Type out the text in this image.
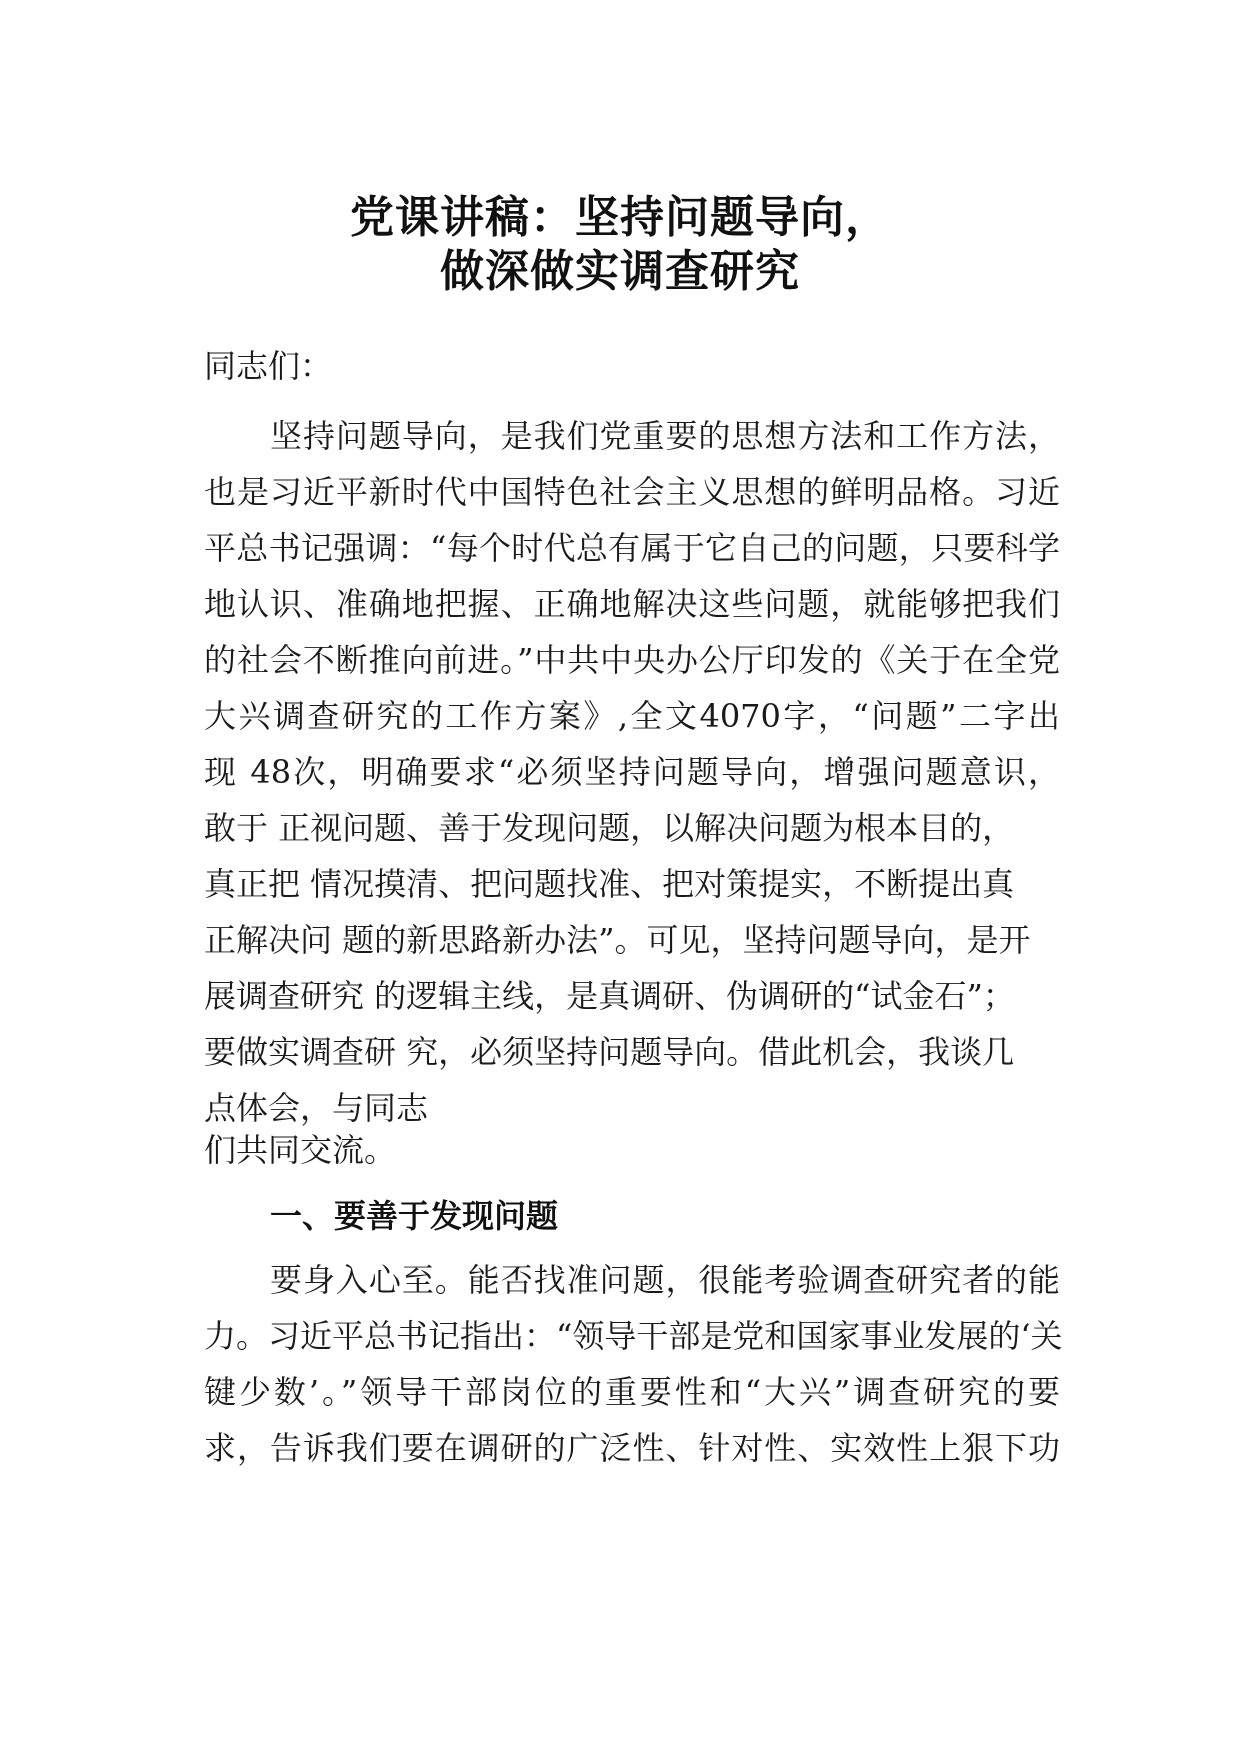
党课讲稿：坚持问题导向，
做深做实调查研究
同志们：
坚持问题导向，是我们党重要的思想方法和工作方法，
也是习近平新时代中国特色社会主义思想的鲜明品格。习近
平总书记强调：“每个时代总有属于它自己的问题，只要科学
地认识、准确地把握、正确地解决这些问题，就能够把我们
的社会不断推向前进。”中共中央办公厅印发的《关于在全党
大兴调查研究的工作方案》,全文4070字，“问题”二字出
现 48次，明确要求“必须坚持问题导向，增强问题意识，
敢于 正视问题、善于发现问题，以解决问题为根本目的，
真正把 情况摸清、把问题找准、把对策提实，不断提出真
正解决问 题的新思路新办法”。可见，坚持问题导向，是开
展调查研究 的逻辑主线，是真调研、伪调研的“试金石”；
要做实调查研 究，必须坚持问题导向。借此机会，我谈几
点体会，与同志
们共同交流。
一、要善于发现问题
要身入心至。能否找准问题，很能考验调查研究者的能
力。习近平总书记指出：“领导干部是党和国家事业发展的‘关
键少数’。”领导干部岗位的重要性和“大兴”调查研究的要
求，告诉我们要在调研的广泛性、针对性、实效性上狠下功
